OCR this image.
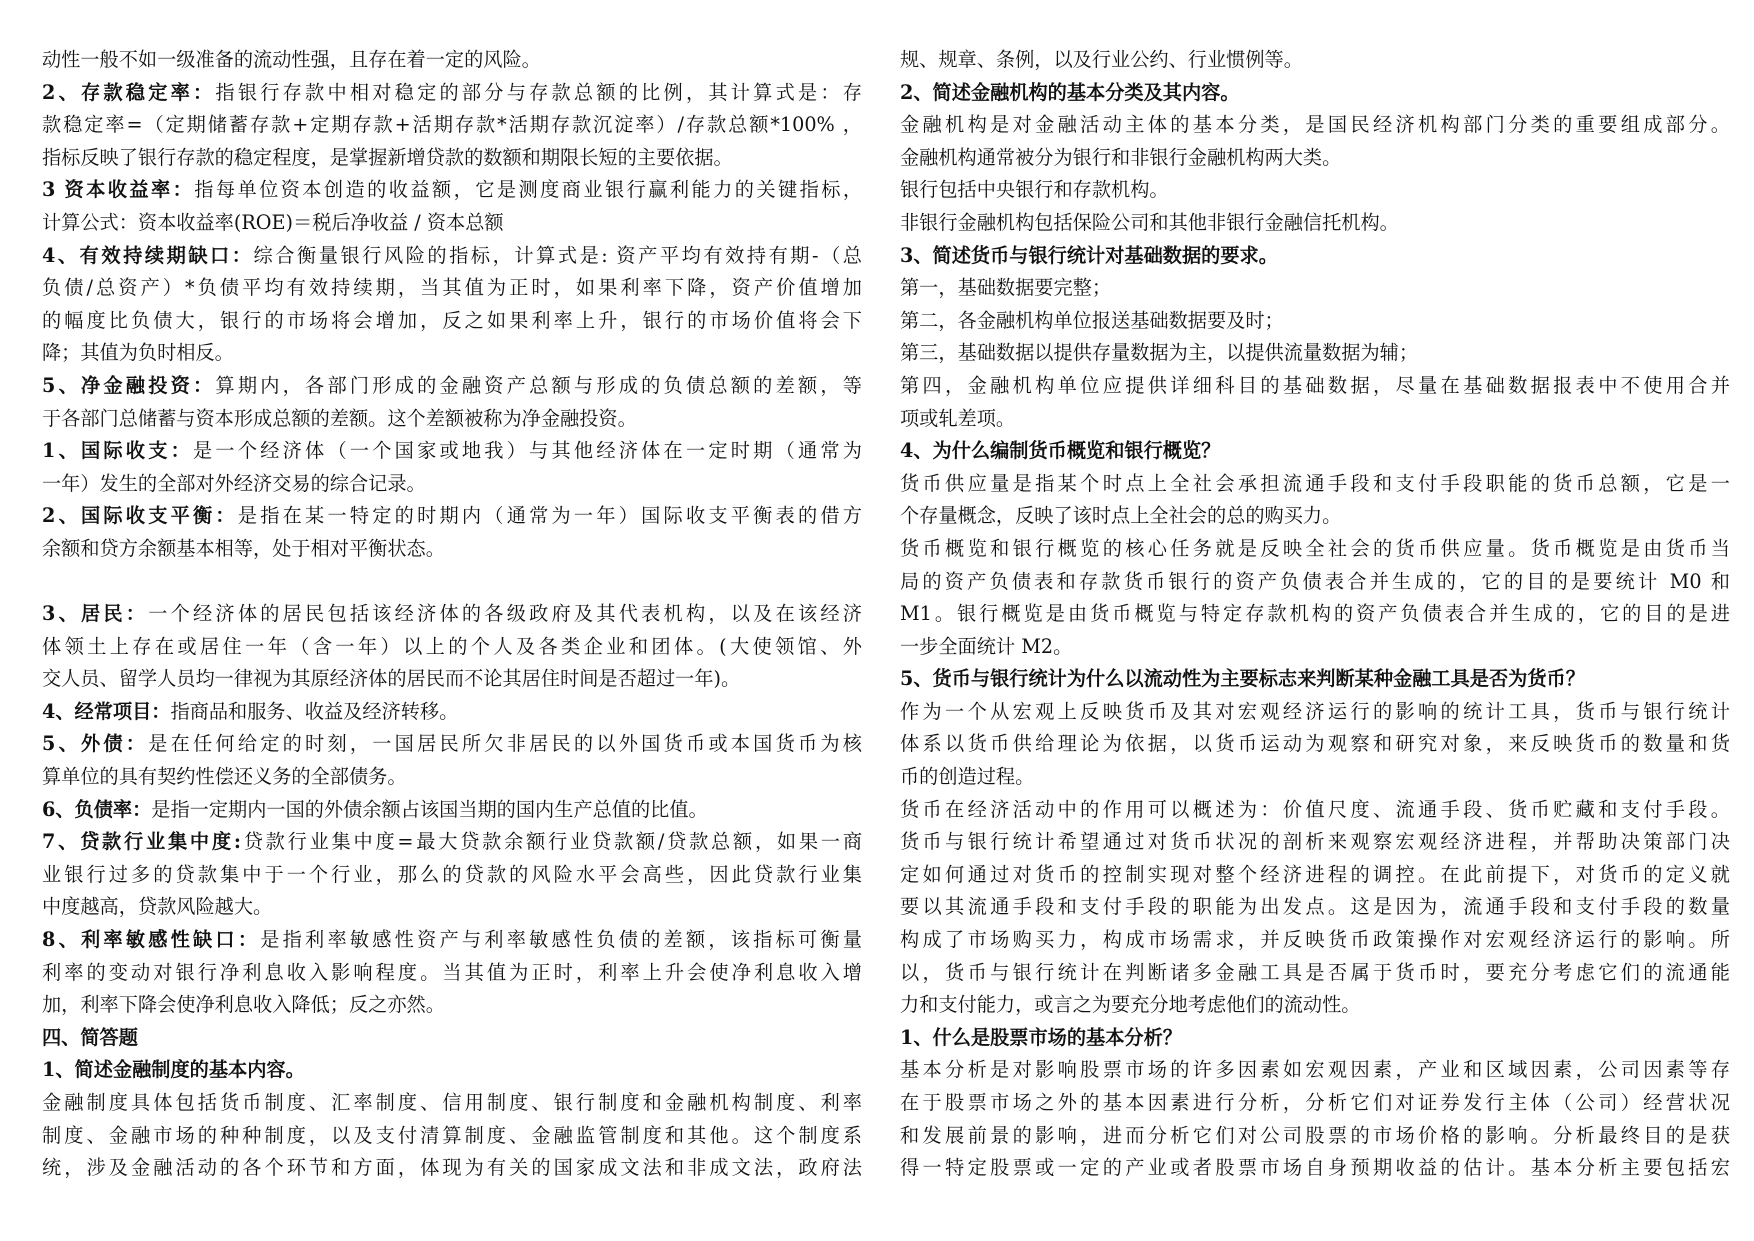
动性一般不如一级准备的流动性强，且存在着一定的风险。
2、存款稳定率：指银行存款中相对稳定的部分与存款总额的比例，其计算式是：存
款稳定率=（定期储蓄存款+定期存款+活期存款*活期存款沉淀率）/存款总额*100% ，
指标反映了银行存款的稳定程度，是掌握新增贷款的数额和期限长短的主要依据。
3 资本收益率：指每单位资本创造的收益额，它是测度商业银行赢利能力的关键指标，
计算公式：资本收益率(ROE)＝税后净收益 / 资本总额
4、有效持续期缺口：综合衡量银行风险的指标，计算式是: 资产平均有效持有期-（总
负债/总资产）*负债平均有效持续期，当其值为正时，如果利率下降，资产价值增加
的幅度比负债大，银行的市场将会增加，反之如果利率上升，银行的市场价值将会下
降；其值为负时相反。
5、净金融投资：算期内，各部门形成的金融资产总额与形成的负债总额的差额，等
于各部门总储蓄与资本形成总额的差额。这个差额被称为净金融投资。
1、国际收支：是一个经济体（一个国家或地我）与其他经济体在一定时期（通常为
一年）发生的全部对外经济交易的综合记录。
2、国际收支平衡：是指在某一特定的时期内（通常为一年）国际收支平衡表的借方
余额和贷方余额基本相等，处于相对平衡状态。
3、居民：一个经济体的居民包括该经济体的各级政府及其代表机构，以及在该经济
体领土上存在或居住一年（含一年）以上的个人及各类企业和团体。(大使领馆、外
交人员、留学人员均一律视为其原经济体的居民而不论其居住时间是否超过一年)。
4、经常项目：指商品和服务、收益及经济转移。
5、外债：是在任何给定的时刻，一国居民所欠非居民的以外国货币或本国货币为核
算单位的具有契约性偿还义务的全部债务。
6、负债率：是指一定期内一国的外债余额占该国当期的国内生产总值的比值。
7、贷款行业集中度:贷款行业集中度=最大贷款余额行业贷款额/贷款总额，如果一商
业银行过多的贷款集中于一个行业，那么的贷款的风险水平会高些，因此贷款行业集
中度越高，贷款风险越大。
8、利率敏感性缺口：是指利率敏感性资产与利率敏感性负债的差额，该指标可衡量
利率的变动对银行净利息收入影响程度。当其值为正时，利率上升会使净利息收入增
加，利率下降会使净利息收入降低；反之亦然。
四、简答题
1、简述金融制度的基本内容。
金融制度具体包括货币制度、汇率制度、信用制度、银行制度和金融机构制度、利率
制度、金融市场的种种制度，以及支付清算制度、金融监管制度和其他。这个制度系
统，涉及金融活动的各个环节和方面，体现为有关的国家成文法和非成文法，政府法
规、规章、条例，以及行业公约、行业惯例等。
2、简述金融机构的基本分类及其内容。
金融机构是对金融活动主体的基本分类，是国民经济机构部门分类的重要组成部分。
金融机构通常被分为银行和非银行金融机构两大类。
银行包括中央银行和存款机构。
非银行金融机构包括保险公司和其他非银行金融信托机构。
3、简述货币与银行统计对基础数据的要求。
第一，基础数据要完整；
第二，各金融机构单位报送基础数据要及时；
第三，基础数据以提供存量数据为主，以提供流量数据为辅；
第四，金融机构单位应提供详细科目的基础数据，尽量在基础数据报表中不使用合并
项或轧差项。
4、为什么编制货币概览和银行概览？
货币供应量是指某个时点上全社会承担流通手段和支付手段职能的货币总额，它是一
个存量概念，反映了该时点上全社会的总的购买力。
货币概览和银行概览的核心任务就是反映全社会的货币供应量。货币概览是由货币当
局的资产负债表和存款货币银行的资产负债表合并生成的，它的目的是要统计 M0 和
M1。银行概览是由货币概览与特定存款机构的资产负债表合并生成的，它的目的是进
一步全面统计 M2。
5、货币与银行统计为什么以流动性为主要标志来判断某种金融工具是否为货币？
作为一个从宏观上反映货币及其对宏观经济运行的影响的统计工具，货币与银行统计
体系以货币供给理论为依据，以货币运动为观察和研究对象，来反映货币的数量和货
币的创造过程。
货币在经济活动中的作用可以概述为：价值尺度、流通手段、货币贮藏和支付手段。
货币与银行统计希望通过对货币状况的剖析来观察宏观经济进程，并帮助决策部门决
定如何通过对货币的控制实现对整个经济进程的调控。在此前提下，对货币的定义就
要以其流通手段和支付手段的职能为出发点。这是因为，流通手段和支付手段的数量
构成了市场购买力，构成市场需求，并反映货币政策操作对宏观经济运行的影响。所
以，货币与银行统计在判断诸多金融工具是否属于货币时，要充分考虑它们的流通能
力和支付能力，或言之为要充分地考虑他们的流动性。
1、什么是股票市场的基本分析？
基本分析是对影响股票市场的许多因素如宏观因素，产业和区域因素，公司因素等存
在于股票市场之外的基本因素进行分析，分析它们对证券发行主体（公司）经营状况
和发展前景的影响，进而分析它们对公司股票的市场价格的影响。分析最终目的是获
得一特定股票或一定的产业或者股票市场自身预期收益的估计。基本分析主要包括宏
